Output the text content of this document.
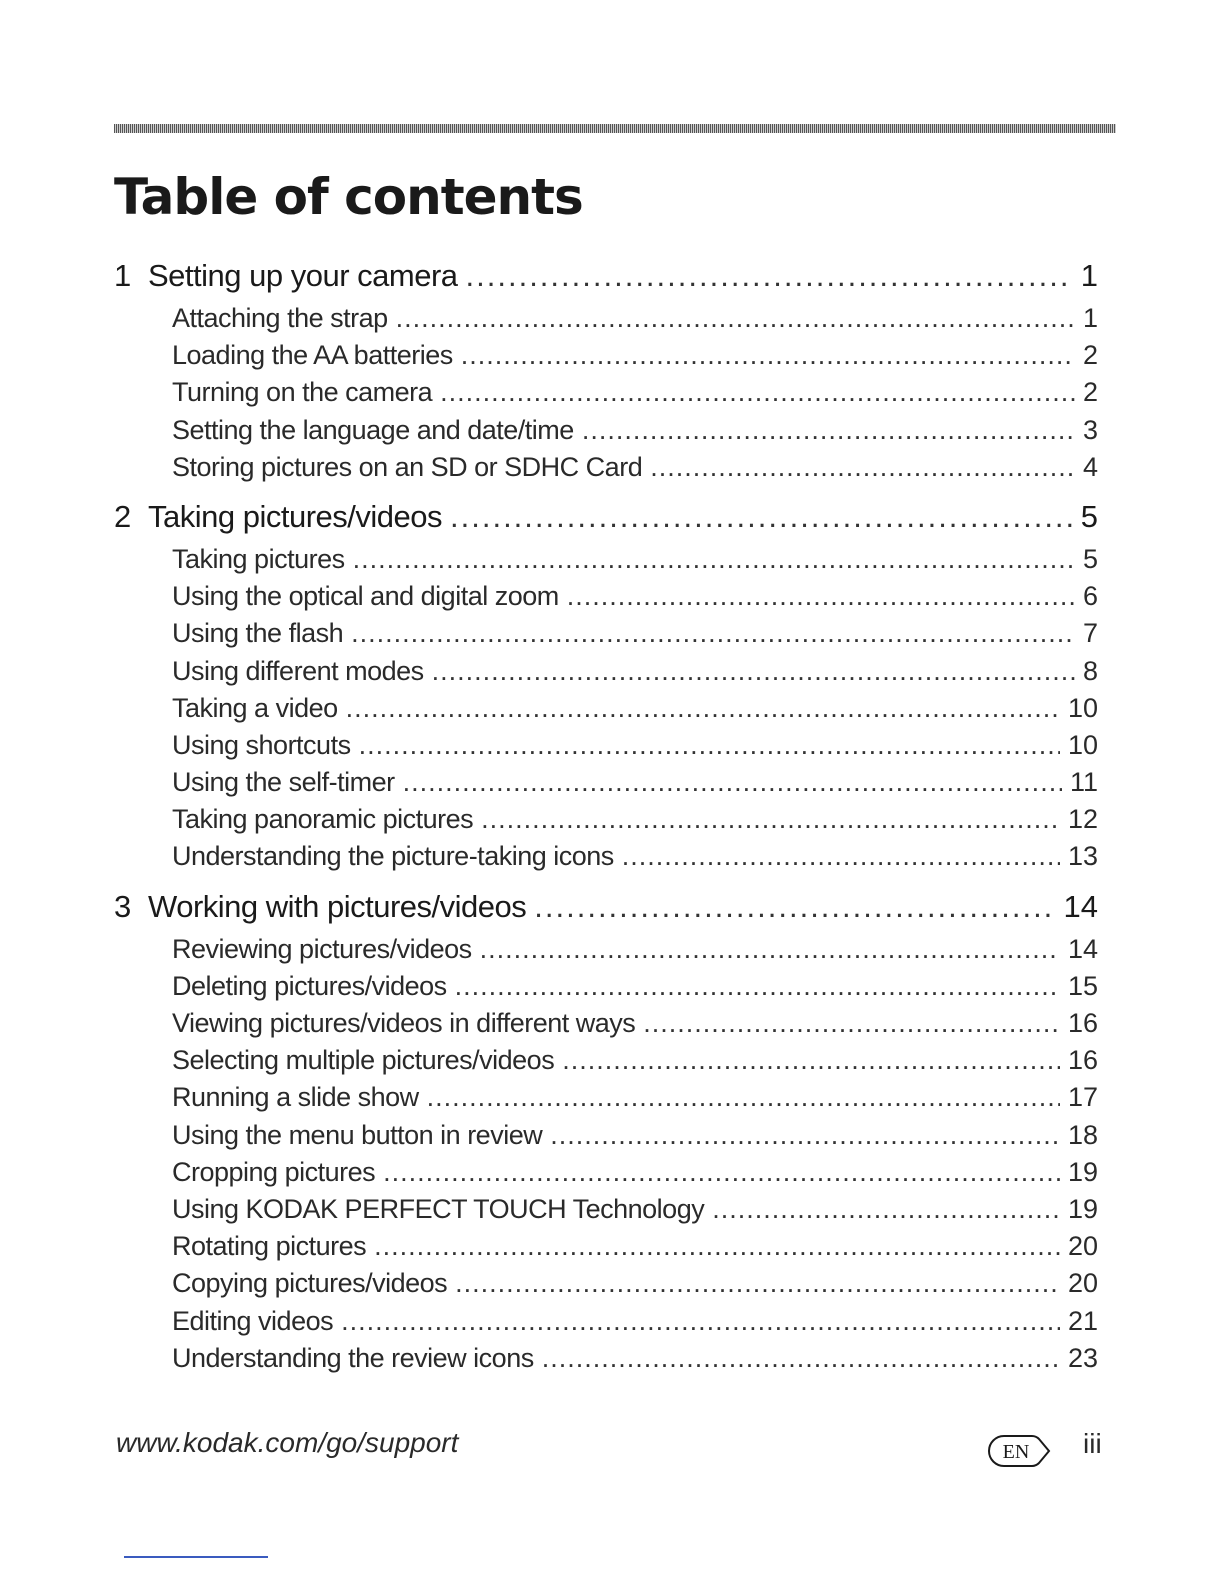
Table of contents
1 Setting up your camera .....	1
Attaching the strap .....	1
Loading the AA batteries .....	2
Turning on the camera .....	2
Setting the language and date/time .....	3
Storing pictures on an SD or SDHC Card .....	4
2 Taking pictures/videos .....	5
Taking pictures .....	5
Using the optical and digital zoom .....	6
Using the flash .....	7
Using different modes .....	8
Taking a video .....	10
Using shortcuts .....	10
Using the self-timer .....	11
Taking panoramic pictures .....	12
Understanding the picture-taking icons .....	13
3 Working with pictures/videos .....	14
Reviewing pictures/videos .....	14
Deleting pictures/videos .....	15
Viewing pictures/videos in different ways .....	16
Selecting multiple pictures/videos .....	16
Running a slide show .....	17
Using the menu button in review .....	18
Cropping pictures .....	19
Using KODAK PERFECT TOUCH Technology .....	19
Rotating pictures .....	20
Copying pictures/videos .....	20
Editing videos .....	21
Understanding the review icons .....	23
www.kodak.com/go/support	EN iii
